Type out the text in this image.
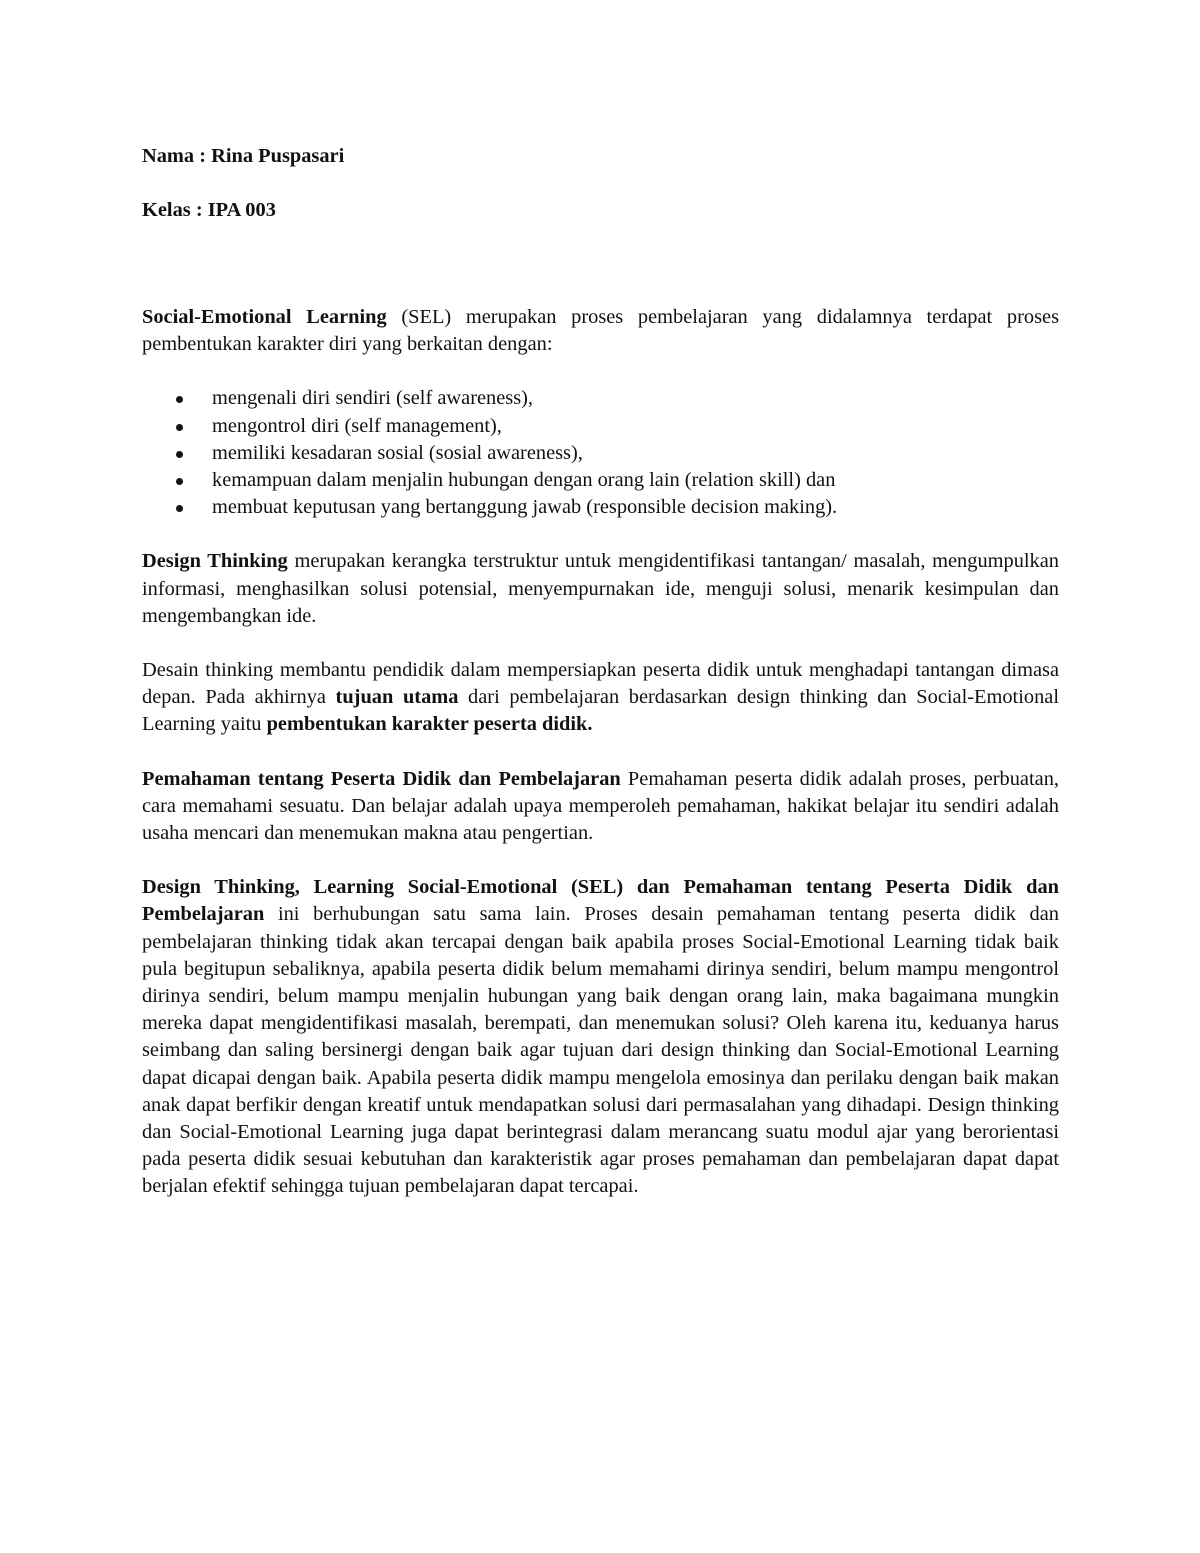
Nama : Rina Puspasari

Kelas : IPA 003

Social-Emotional Learning (SEL) merupakan proses pembelajaran yang didalamnya terdapat proses pembentukan karakter diri yang berkaitan dengan:

mengenali diri sendiri (self awareness),
mengontrol diri (self management),
memiliki kesadaran sosial (sosial awareness),
kemampuan dalam menjalin hubungan dengan orang lain (relation skill) dan
membuat keputusan yang bertanggung jawab (responsible decision making).

Design Thinking merupakan kerangka terstruktur untuk mengidentifikasi tantangan/ masalah, mengumpulkan informasi, menghasilkan solusi potensial, menyempurnakan ide, menguji solusi, menarik kesimpulan dan mengembangkan ide.

Desain thinking membantu pendidik dalam mempersiapkan peserta didik untuk menghadapi tantangan dimasa depan. Pada akhirnya tujuan utama dari pembelajaran berdasarkan design thinking dan Social-Emotional Learning yaitu pembentukan karakter peserta didik.

Pemahaman tentang Peserta Didik dan Pembelajaran Pemahaman peserta didik adalah proses, perbuatan, cara memahami sesuatu. Dan belajar adalah upaya memperoleh pemahaman, hakikat belajar itu sendiri adalah usaha mencari dan menemukan makna atau pengertian.

Design Thinking, Learning Social-Emotional (SEL) dan Pemahaman tentang Peserta Didik dan Pembelajaran ini berhubungan satu sama lain. Proses desain pemahaman tentang peserta didik dan pembelajaran thinking tidak akan tercapai dengan baik apabila proses Social-Emotional Learning tidak baik pula begitupun sebaliknya, apabila peserta didik belum memahami dirinya sendiri, belum mampu mengontrol dirinya sendiri, belum mampu menjalin hubungan yang baik dengan orang lain, maka bagaimana mungkin mereka dapat mengidentifikasi masalah, berempati, dan menemukan solusi? Oleh karena itu, keduanya harus seimbang dan saling bersinergi dengan baik agar tujuan dari design thinking dan Social-Emotional Learning dapat dicapai dengan baik. Apabila peserta didik mampu mengelola emosinya dan perilaku dengan baik makan anak dapat berfikir dengan kreatif untuk mendapatkan solusi dari permasalahan yang dihadapi. Design thinking dan Social-Emotional Learning juga dapat berintegrasi dalam merancang suatu modul ajar yang berorientasi pada peserta didik sesuai kebutuhan dan karakteristik agar proses pemahaman dan pembelajaran dapat dapat berjalan efektif sehingga tujuan pembelajaran dapat tercapai.
